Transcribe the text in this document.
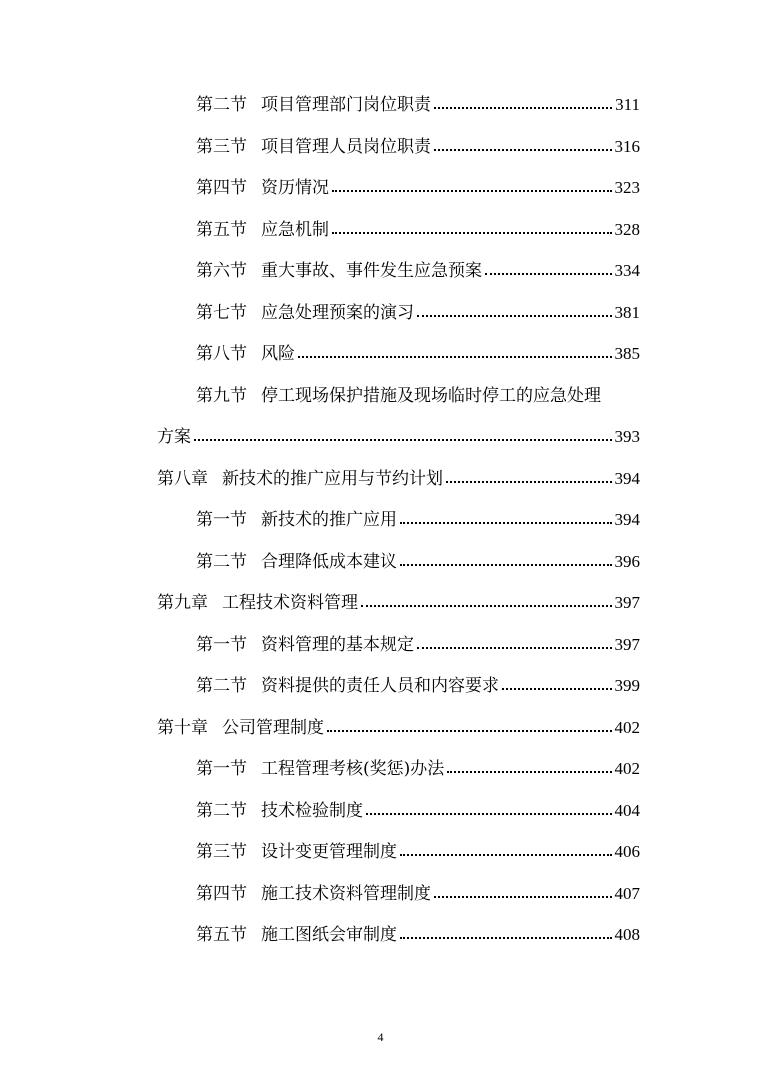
第二节 项目管理部门岗位职责	311
第三节 项目管理人员岗位职责	316
第四节 资历情况	323
第五节 应急机制	328
第六节 重大事故、事件发生应急预案	334
第七节 应急处理预案的演习	381
第八节 风险	385
第九节 停工现场保护措施及现场临时停工的应急处理
方案	393
第八章 新技术的推广应用与节约计划	394
第一节 新技术的推广应用	394
第二节 合理降低成本建议	396
第九章 工程技术资料管理	397
第一节 资料管理的基本规定	397
第二节 资料提供的责任人员和内容要求	399
第十章 公司管理制度	402
第一节 工程管理考核(奖惩)办法	402
第二节 技术检验制度	404
第三节 设计变更管理制度	406
第四节 施工技术资料管理制度	407
第五节 施工图纸会审制度	408
4
